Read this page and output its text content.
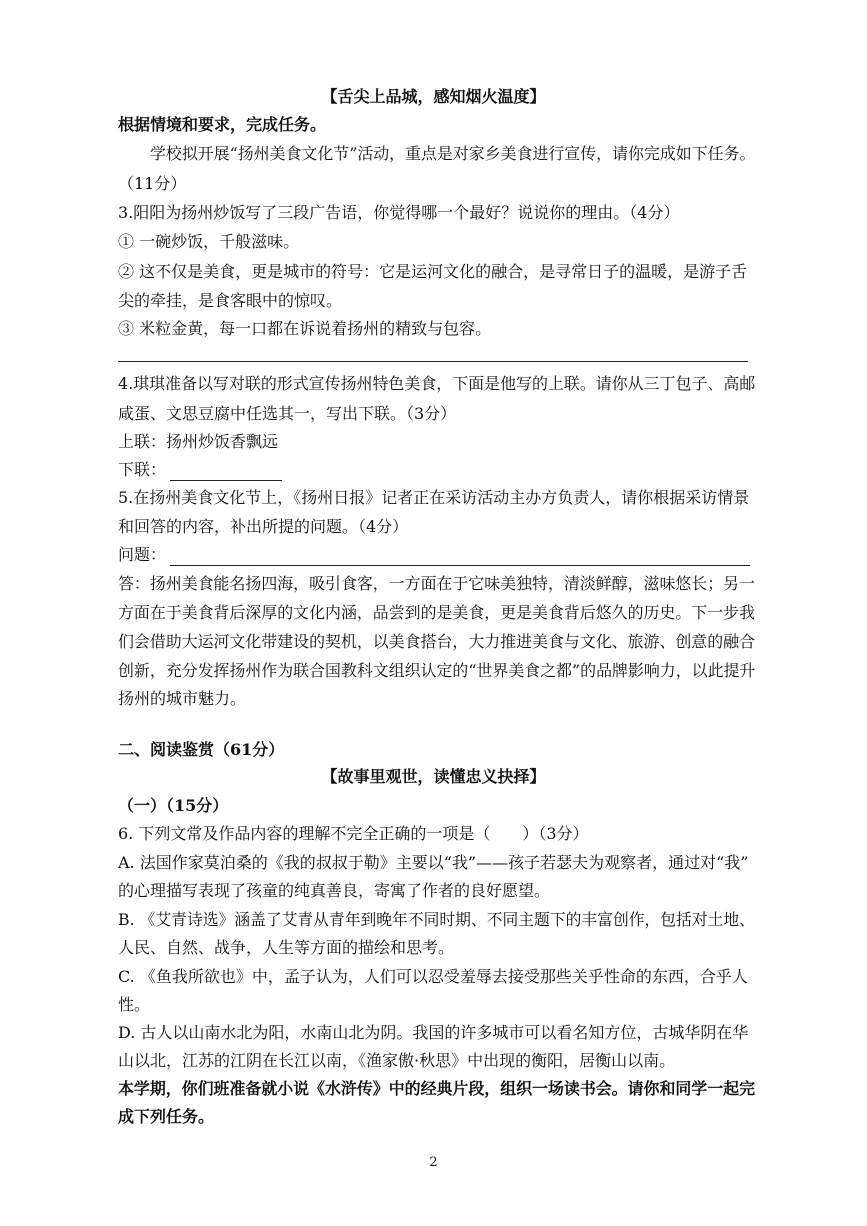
【舌尖上品城，感知烟火温度】
根据情境和要求，完成任务。
学校拟开展“扬州美食文化节”活动，重点是对家乡美食进行宣传，请你完成如下任务。
（11分）
3.阳阳为扬州炒饭写了三段广告语，你觉得哪一个最好？说说你的理由。（4分）
① 一碗炒饭，千般滋味。
② 这不仅是美食，更是城市的符号：它是运河文化的融合，是寻常日子的温暖，是游子舌
尖的牵挂，是食客眼中的惊叹。
③ 米粒金黄，每一口都在诉说着扬州的精致与包容。
4.琪琪准备以写对联的形式宣传扬州特色美食，下面是他写的上联。请你从三丁包子、高邮
咸蛋、文思豆腐中任选其一，写出下联。（3分）
上联：扬州炒饭香飘远
下联：
5.在扬州美食文化节上，《扬州日报》记者正在采访活动主办方负责人，请你根据采访情景
和回答的内容，补出所提的问题。（4分）
问题：
答：扬州美食能名扬四海，吸引食客，一方面在于它味美独特，清淡鲜醇，滋味悠长；另一
方面在于美食背后深厚的文化内涵，品尝到的是美食，更是美食背后悠久的历史。下一步我
们会借助大运河文化带建设的契机，以美食搭台，大力推进美食与文化、旅游、创意的融合
创新，充分发挥扬州作为联合国教科文组织认定的“世界美食之都”的品牌影响力，以此提升
扬州的城市魅力。
二、阅读鉴赏（61分）
【故事里观世，读懂忠义抉择】
（一）（15分）
6. 下列文常及作品内容的理解不完全正确的一项是（　　）（3分）
A. 法国作家莫泊桑的《我的叔叔于勒》主要以“我”——孩子若瑟夫为观察者，通过对“我”
的心理描写表现了孩童的纯真善良，寄寓了作者的良好愿望。
B. 《艾青诗选》涵盖了艾青从青年到晚年不同时期、不同主题下的丰富创作，包括对土地、
人民、自然、战争，人生等方面的描绘和思考。
C. 《鱼我所欲也》中，孟子认为，人们可以忍受羞辱去接受那些关乎性命的东西，合乎人
性。
D. 古人以山南水北为阳，水南山北为阴。我国的许多城市可以看名知方位，古城华阴在华
山以北，江苏的江阴在长江以南，《渔家傲·秋思》中出现的衡阳，居衡山以南。
本学期，你们班准备就小说《水浒传》中的经典片段，组织一场读书会。请你和同学一起完
成下列任务。
2
